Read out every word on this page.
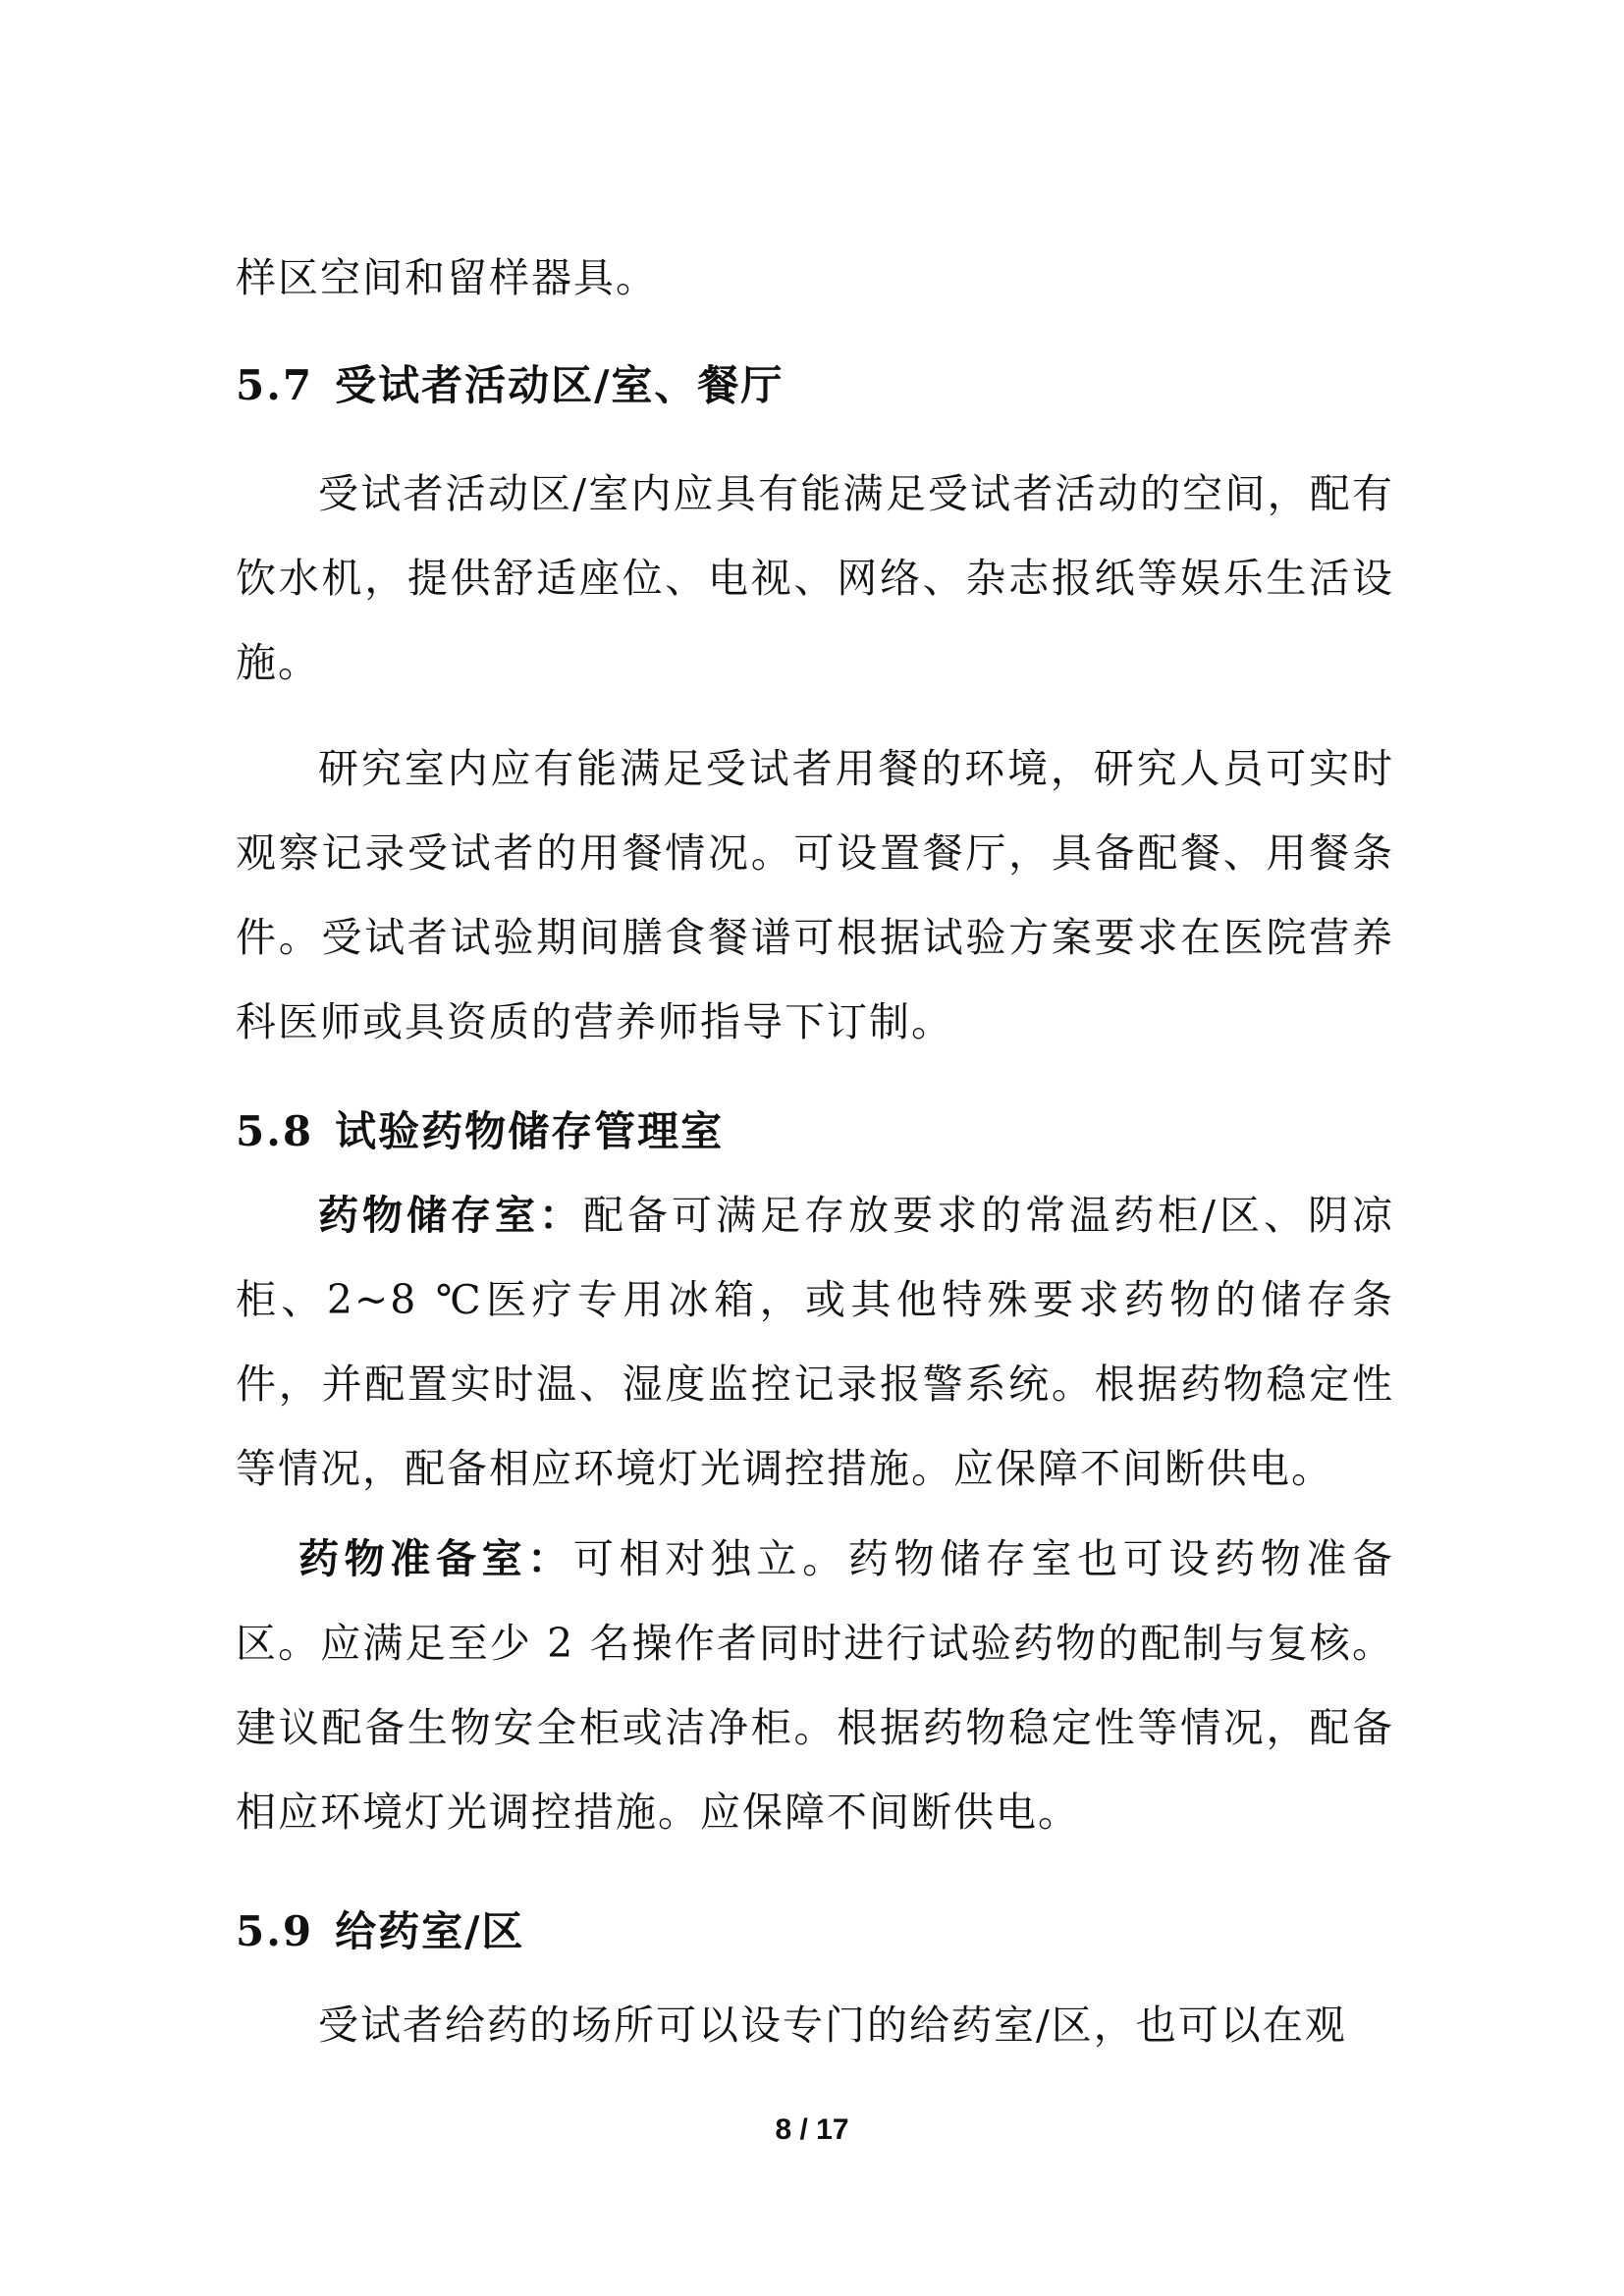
样区空间和留样器具。

5.7 受试者活动区/室、餐厅

受试者活动区/室内应具有能满足受试者活动的空间，配有饮水机，提供舒适座位、电视、网络、杂志报纸等娱乐生活设施。

研究室内应有能满足受试者用餐的环境，研究人员可实时观察记录受试者的用餐情况。可设置餐厅，具备配餐、用餐条件。受试者试验期间膳食餐谱可根据试验方案要求在医院营养科医师或具资质的营养师指导下订制。

5.8 试验药物储存管理室

药物储存室：配备可满足存放要求的常温药柜/区、阴凉柜、2~8 ℃医疗专用冰箱，或其他特殊要求药物的储存条件，并配置实时温、湿度监控记录报警系统。根据药物稳定性等情况，配备相应环境灯光调控措施。应保障不间断供电。

药物准备室：可相对独立。药物储存室也可设药物准备区。应满足至少 2 名操作者同时进行试验药物的配制与复核。建议配备生物安全柜或洁净柜。根据药物稳定性等情况，配备相应环境灯光调控措施。应保障不间断供电。

5.9 给药室/区

受试者给药的场所可以设专门的给药室/区，也可以在观

8 / 17
